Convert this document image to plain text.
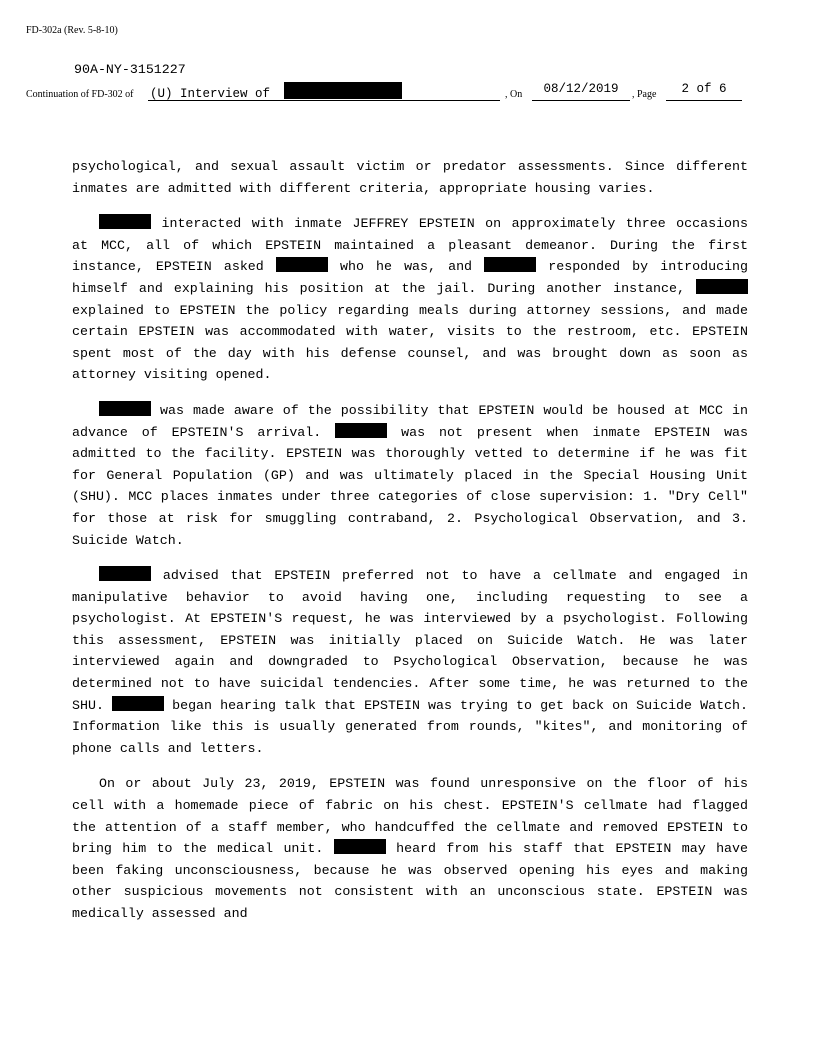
FD-302a (Rev. 5-8-10)
90A-NY-3151227
Continuation of FD-302 of (U) Interview of	, On	08/12/2019	, Page	2 of 6

psychological, and sexual assault victim or predator assessments. Since different inmates are admitted with different criteria, appropriate housing varies.

interacted with inmate JEFFREY EPSTEIN on approximately three occasions at MCC, all of which EPSTEIN maintained a pleasant demeanor. During the first instance, EPSTEIN asked	who he was, and	responded by introducing himself and explaining his position at the jail. During another instance,  explained to EPSTEIN the policy regarding meals during attorney sessions, and made certain EPSTEIN was accommodated with water, visits to the restroom, etc. EPSTEIN spent most of the day with his defense counsel, and was brought down as soon as attorney visiting opened.

was made aware of the possibility that EPSTEIN would be housed at MCC in advance of EPSTEIN'S arrival.	was not present when inmate EPSTEIN was admitted to the facility. EPSTEIN was thoroughly vetted to determine if he was fit for General Population (GP) and was ultimately placed in the Special Housing Unit (SHU). MCC places inmates under three categories of close supervision: 1. "Dry Cell" for those at risk for smuggling contraband, 2. Psychological Observation, and 3. Suicide Watch.

advised that EPSTEIN preferred not to have a cellmate and engaged in manipulative behavior to avoid having one, including requesting to see a psychologist. At EPSTEIN'S request, he was interviewed by a psychologist. Following this assessment, EPSTEIN was initially placed on Suicide Watch. He was later interviewed again and downgraded to Psychological Observation, because he was determined not to have suicidal tendencies. After some time, he was returned to the SHU.	began hearing talk that EPSTEIN was trying to get back on Suicide Watch. Information like this is usually generated from rounds, "kites", and monitoring of phone calls and letters.

On or about July 23, 2019, EPSTEIN was found unresponsive on the floor of his cell with a homemade piece of fabric on his chest. EPSTEIN'S cellmate had flagged the attention of a staff member, who handcuffed the cellmate and removed EPSTEIN to bring him to the medical unit.	heard from his staff that EPSTEIN may have been faking unconsciousness, because he was observed opening his eyes and making other suspicious movements not consistent with an unconscious state. EPSTEIN was medically assessed and
